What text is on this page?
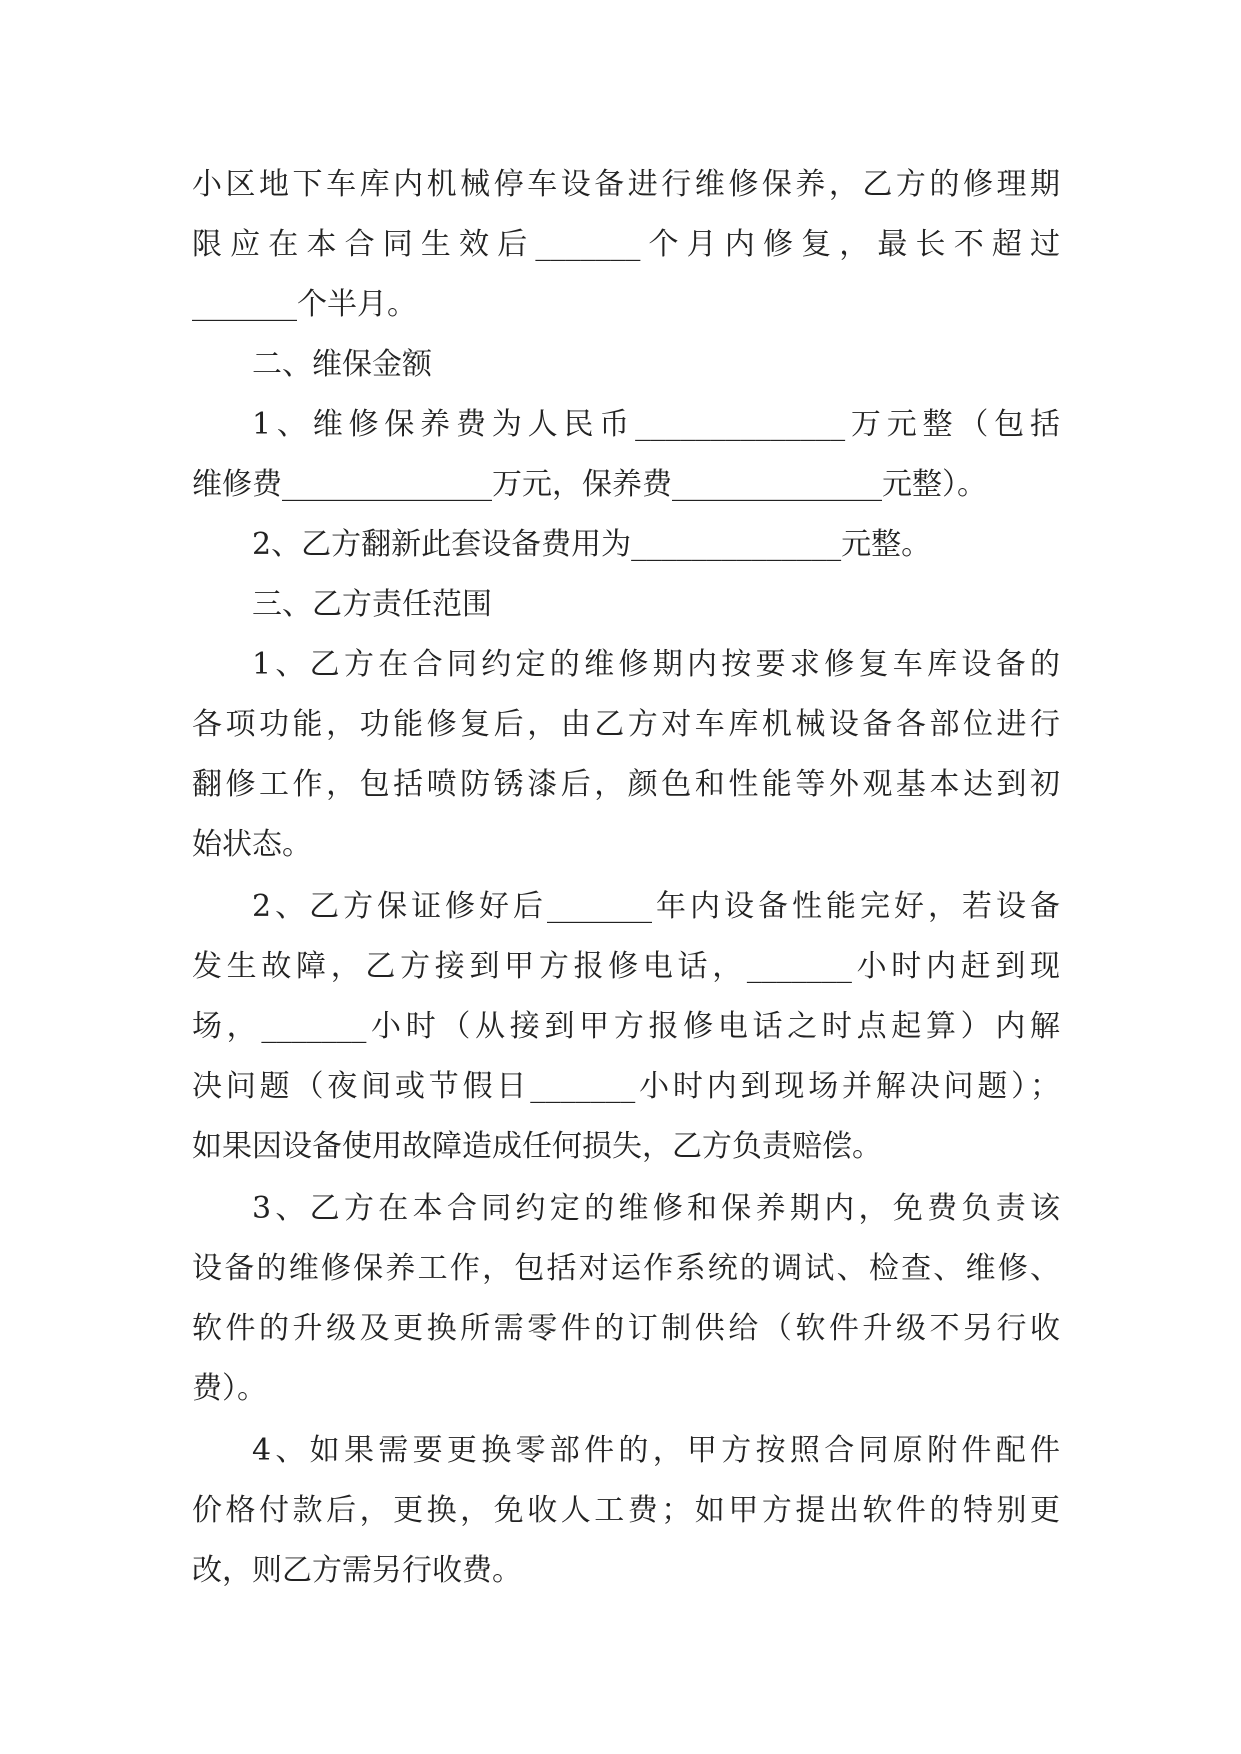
小区地下车库内机械停车设备进行维修保养，乙方的修理期
限应在本合同生效后_______个月内修复，最长不超过
_______个半月。
二、维保金额
1、维修保养费为人民币______________万元整（包括
维修费______________万元，保养费______________元整）。
2、乙方翻新此套设备费用为______________元整。
三、乙方责任范围
1、乙方在合同约定的维修期内按要求修复车库设备的
各项功能，功能修复后，由乙方对车库机械设备各部位进行
翻修工作，包括喷防锈漆后，颜色和性能等外观基本达到初
始状态。
2、乙方保证修好后_______年内设备性能完好，若设备
发生故障，乙方接到甲方报修电话，_______小时内赶到现
场，_______小时（从接到甲方报修电话之时点起算）内解
决问题（夜间或节假日_______小时内到现场并解决问题）；
如果因设备使用故障造成任何损失，乙方负责赔偿。
3、乙方在本合同约定的维修和保养期内，免费负责该
设备的维修保养工作，包括对运作系统的调试、检查、维修、
软件的升级及更换所需零件的订制供给（软件升级不另行收
费）。
4、如果需要更换零部件的，甲方按照合同原附件配件
价格付款后，更换，免收人工费；如甲方提出软件的特别更
改，则乙方需另行收费。
